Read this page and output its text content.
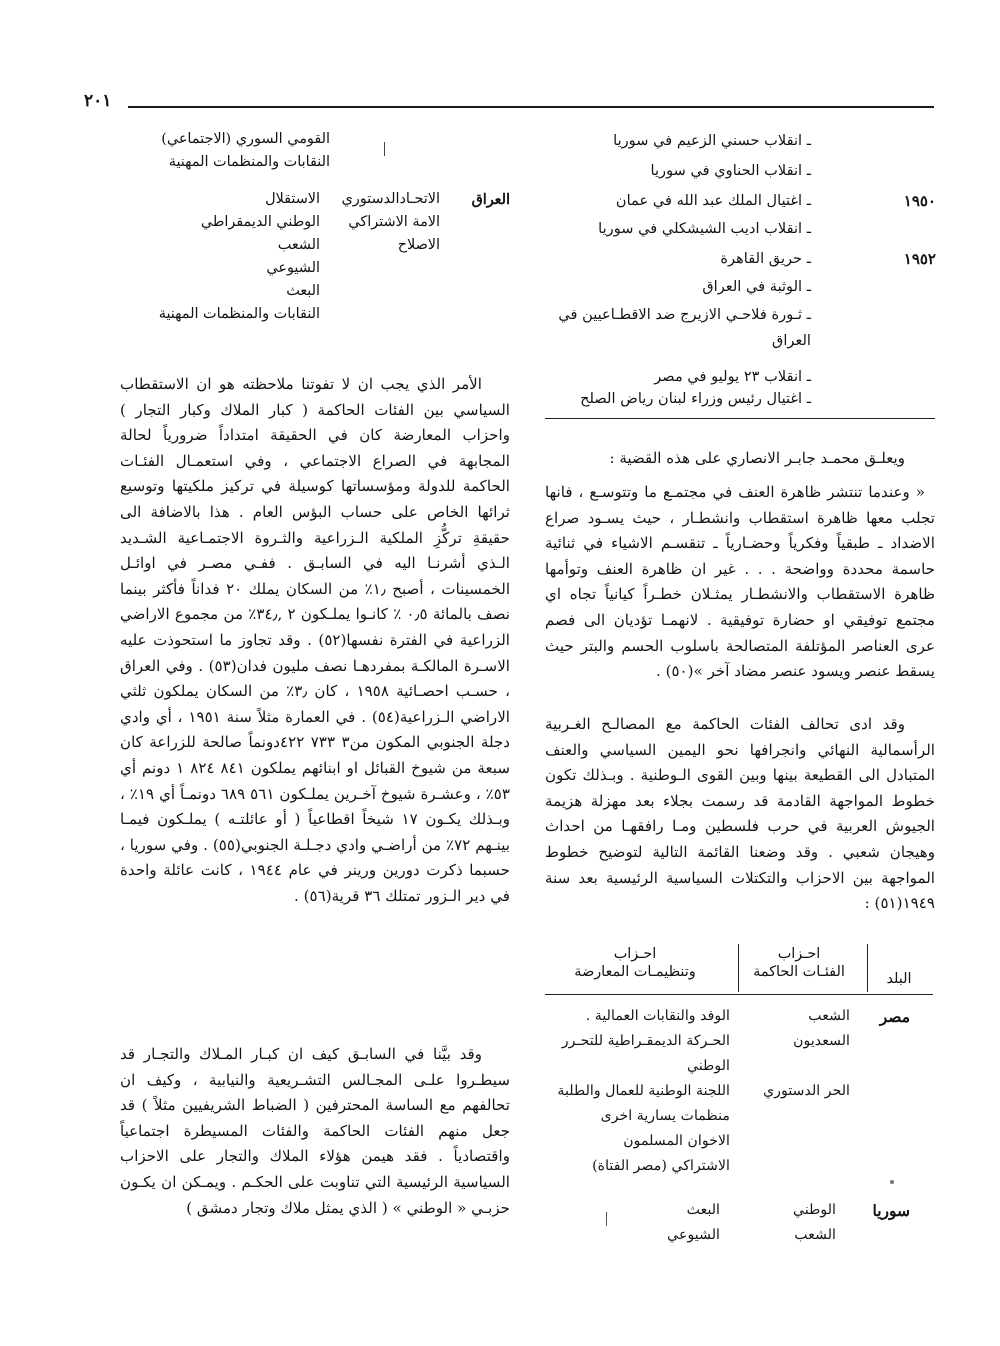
٢٠١
ـ انقلاب حسني الزعيم في سوريا
ـ انقلاب الحناوي في سوريا
١٩٥٠
ـ اغتيال الملك عبد الله في عمان
ـ انقلاب اديب الشيشكلي في سوريا
١٩٥٢
ـ حريق القاهرة
ـ الوثبة في العراق
ـ ثـورة فلاحـي الازيرج ضد الاقطـاعيين في
العراق
ـ انقلاب ٢٣ يوليو في مصر
ـ اغتيال رئيس وزراء لبنان رياض الصلح
القومي السوري (الاجتماعي)
النقابات والمنظمات المهنية
العراق
الاتحـادالدستوري
الامة الاشتراكي
الاصلاح
الاستقلال
الوطني الديمقراطي
الشعب
الشيوعي
البعث
النقابات والمنظمات المهنية

الأمر الذي يجب ان لا تفوتنا ملاحظته هو ان الاستقطاب السياسي بين الفئات الحاكمة ( كبار الملاك وكبار التجار ) واحزاب المعارضة كان في الحقيقة امتداداً ضرورياً لحالة المجابهة في الصراع الاجتماعي ، وفي استعمـال الفئـات الحاكمة للدولة ومؤسساتها كوسيلة في تركيز ملكيتها وتوسيع ثرائها الخاص على حساب البؤس العام . هذا بالاضافة الى حقيقةِ تركُّزِ الملكية الـزراعية والثـروة الاجتمـاعية الشـديد الـذي أشرنـا اليه في السابـق . ففـي مصـر في اوائـل الخمسينات ، أصبح ١٫٪ من السكان يملك ٢٠ فداناً فأكثر بينما نصف بالمائة ٠٫٥ ٪ كانـوا يملـكون ٢ ,٣٤٫٪ من مجموع الاراضي الزراعية في الفترة نفسها(٥٢) . وقد تجاوز ما استحوذت عليه الاسـرة المالكـة بمفردهـا نصف مليون فدان(٥٣) . وفي العراق ، حسـب احصـائية ١٩٥٨ ، كان ٣٫٪ من السكان يملكون ثلثي الاراضي الـزراعية(٥٤) . في العمارة مثلاً سنة ١٩٥١ ، أي وادي دجلة الجنوبي المكون من٣ ٧٣٣ ٤٢٢دونماً صالحة للزراعة كان سبعة من شيوخ القبائل او ابنائهم يملكون ٨٤١ ٨٢٤ ١ دونم أي ٥٣٪ ، وعشـرة شيوخ آخـرين يملـكون ٥٦١ ٦٨٩ دونمـاً أي ١٩٪ ، وبـذلك يكـون ١٧ شيخاً اقطاعياً ( أو عائلتـه ) يملـكون فيمـا بينـهم ٧٢٪ من أراضـي وادي دجـلـة الجنوبي(٥٥) . وفي سوريا ، حسبما ذكرت دورين ورينر في عام ١٩٤٤ ، كانت عائلة واحدة في دير الـزور تمتلك ٣٦ قرية(٥٦) .

وقد بيَّنا في السابـق كيف ان كبـار المـلاك والتجـار قد سيطـروا علـى المجـالس التشـريعية والنيابية ، وكيف ان تحالفهم مع الساسة المحترفين ( الضباط الشريفيين مثلاً ) قد جعل منهم الفئات الحاكمة والفئات المسيطرة اجتماعياً واقتصادياً . فقد هيمن هؤلاء الملاك والتجار على الاحزاب السياسية الرئيسية التي تناوبت على الحكـم . ويمـكن ان يكـون حزبـي « الوطني » ( الذي يمثل ملاك وتجار دمشق )

ويعلـق محمـد جابـر الانصاري على هذه القضية :

« وعندما تنتشر ظاهرة العنف في مجتمـع ما وتتوسـع ، فانها تجلب معها ظاهرة استقطاب وانشطـار ، حيث يسـود صراع الاضداد ـ طبقياً وفكرياً وحضـارياً ـ تنقسـم الاشياء في ثنائية حاسمة محددة وواضحة . . . غير ان ظاهرة العنف وتوأمها ظاهرة الاستقطاب والانشطـار يمثـلان خطـراً كيانياً تجاه اي مجتمع توفيقي او حضارة توفيقية . لانهمـا تؤديان الى فصم عرى العناصر المؤتلفة المتصالحة باسلوب الحسم والبتر حيث يسقط عنصر ويسود عنصر مضاد آخر »(٥٠) .

وقد ادى تحالف الفئات الحاكمة مع المصالـح الغـربية الرأسمالية النهائي وانجرافها نحو اليمين السياسي والعنف المتبادل الى القطيعة بينها وبين القوى الـوطنية . وبـذلك تكون خطوط المواجهة القادمة قد رسمت بجلاء بعد مهزلة هزيمة الجيوش العربية في حرب فلسطين ومـا رافقهـا من احداث وهيجان شعبي . وقد وضعنا القائمة التالية لتوضيح خطوط المواجهة بين الاحزاب والتكتلات السياسية الرئيسية بعد سنة ١٩٤٩(٥١) :

البلد
احـزاب
الفئـات الحاكمة
احـزاب
وتنظيمـات المعارضة
مصر
الشعب
السعديون
الحر الدستوري
الوفد والنقابات العمالية .
الحـركة الديمقـراطية للتحـرر
الوطني
اللجنة الوطنية للعمال والطلبة
منظمات يسارية اخرى
الاخوان المسلمون
الاشتراكي (مصر الفتاة)
سوريا
الوطني
الشعب
البعث
الشيوعي
